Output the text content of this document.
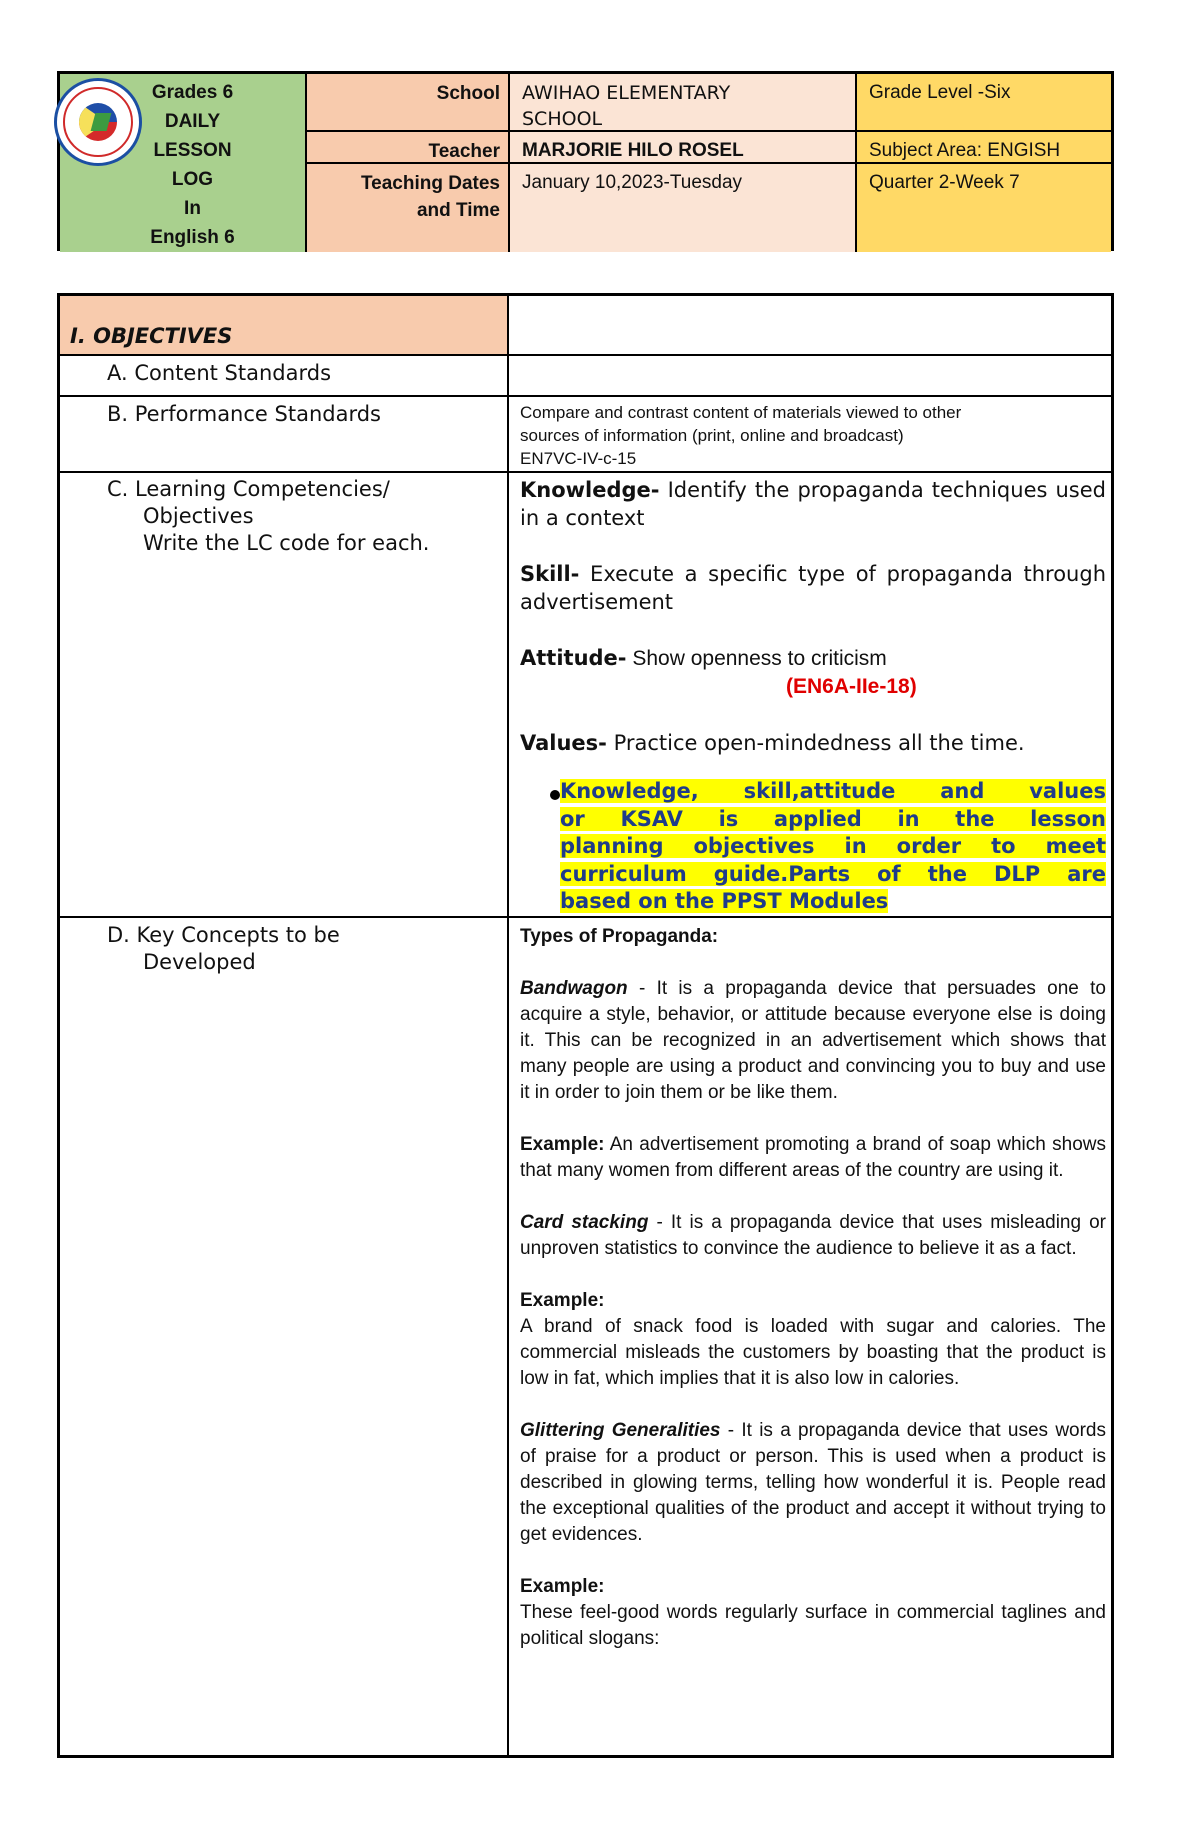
Grades 6
DAILY
LESSON
LOG
In
English 6
School
Teacher
Teaching Dates
and Time
AWIHAO ELEMENTARY
SCHOOL
MARJORIE HILO ROSEL
January 10,2023-Tuesday
Grade Level -Six
Subject Area: ENGISH
Quarter 2-Week 7
I. OBJECTIVES
A. Content Standards
B. Performance Standards	Compare and contrast content of materials viewed to other
sources of information (print, online and broadcast)
EN7VC-IV-c-15
C. Learning Competencies/
Objectives
Write the LC code for each.

Knowledge- Identify the propaganda techniques used in a context

Skill- Execute a specific type of propaganda through advertisement

Attitude- Show openness to criticism

(EN6A-IIe-18)

Values- Practice open-mindedness all the time.

Knowledge, skill,attitude and values
or KSAV is applied in the lesson
planning objectives in order to meet
curriculum guide.Parts of the DLP are
based on the PPST Modules
D. Key Concepts to be
Developed

Types of Propaganda:

Bandwagon - It is a propaganda device that persuades one to acquire a style, behavior, or attitude because everyone else is doing it. This can be recognized in an advertisement which shows that many people are using a product and convincing you to buy and use it in order to join them or be like them.

Example: An advertisement promoting a brand of soap which shows that many women from different areas of the country are using it.

Card stacking - It is a propaganda device that uses misleading or unproven statistics to convince the audience to believe it as a fact.

Example:

A brand of snack food is loaded with sugar and calories. The commercial misleads the customers by boasting that the product is low in fat, which implies that it is also low in calories.

Glittering Generalities - It is a propaganda device that uses words of praise for a product or person. This is used when a product is described in glowing terms, telling how wonderful it is. People read the exceptional qualities of the product and accept it without trying to get evidences.

Example:
These feel-good words regularly surface in commercial taglines and political slogans:
